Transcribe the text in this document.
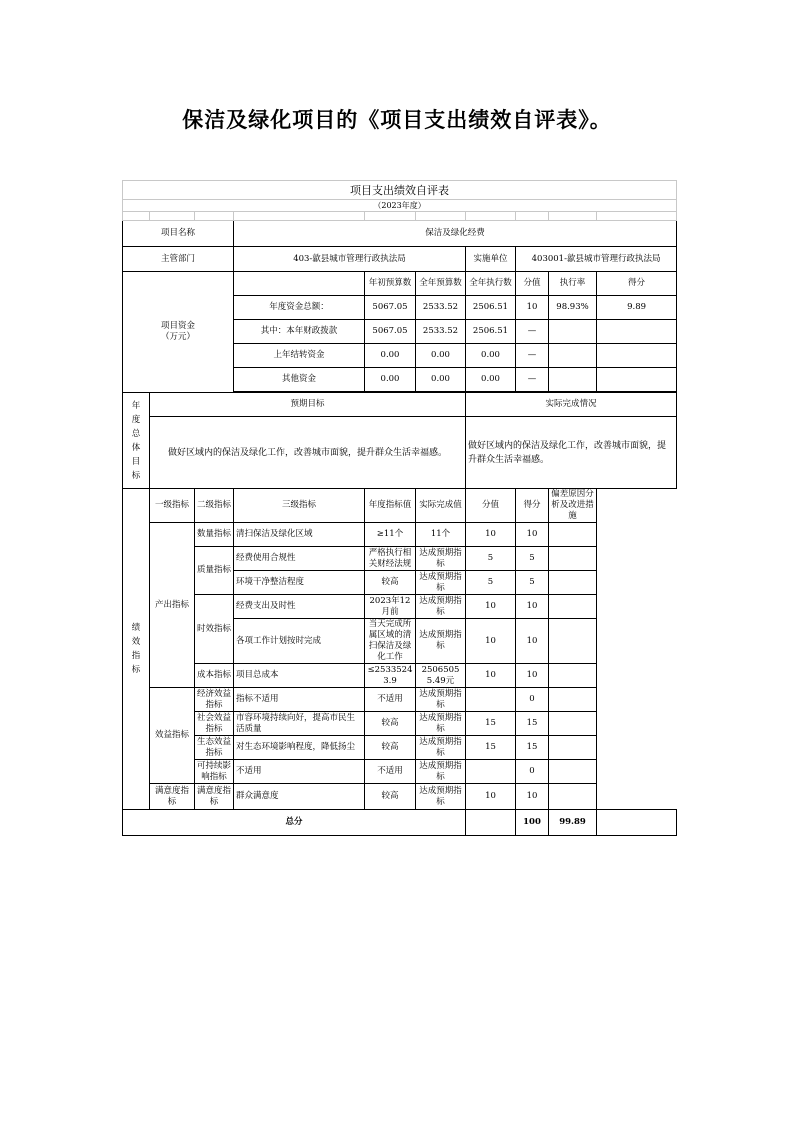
保洁及绿化项目的《项目支出绩效自评表》。
项目支出绩效自评表									
（2023年度）									

项目名称			保洁及绿化经费						
主管部门			403-歙县城市管理行政执法局			实施单位	403001-歙县城市管理行政执法局		
项目资金
（万元）				年初预算数	全年预算数	全年执行数	分值	执行率	得分
			年度资金总额：	5067.05	2533.52	2506.51	10	98.93%	9.89
			其中：本年财政拨款	5067.05	2533.52	2506.51	—		
			上年结转资金	0.00	0.00	0.00	—		
			其他资金	0.00	0.00	0.00	—		

年度总体目标	预期目标					实际完成情况			
	做好区域内的保洁及绿化工作，改善城市面貌，提升群众生活幸福感。					做好区域内的保洁及绿化工作，改善城市面貌，提升群众生活幸福感。			
绩效指标	一级指标	二级指标	三级指标	年度指标值	实际完成值	分值	得分	偏差原因分析及改进措施	
	产出指标	数量指标	清扫保洁及绿化区域	≥11个	11个	10	10		
		质量指标	经费使用合规性	严格执行相关财经法规	达成预期指标	5	5		
			环境干净整洁程度	较高	达成预期指标	5	5		
		时效指标	经费支出及时性	2023年12月前	达成预期指标	10	10		
			各项工作计划按时完成	当天完成所属区域的清扫保洁及绿化工作	达成预期指标	10	10		
		成本指标	项目总成本	≤25335243.9	25065055.49元	10	10		
	效益指标	经济效益指标	指标不适用	不适用	达成预期指标		0		
		社会效益指标	市容环境持续向好，提高市民生活质量	较高	达成预期指标	15	15		
		生态效益指标	对生态环境影响程度，降低扬尘	较高	达成预期指标	15	15		
		可持续影响指标	不适用	不适用	达成预期指标		0		
	满意度指标	满意度指标	群众满意度	较高	达成预期指标	10	10		
总分							100	99.89	
